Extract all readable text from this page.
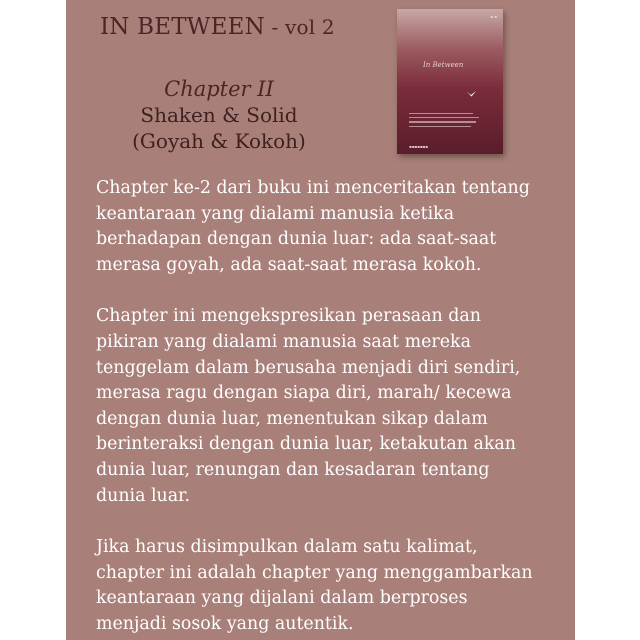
IN BETWEEN - vol 2
Chapter II
Shaken & Solid
(Goyah & Kokoh)
▪ ▪
In Between
▪▪▪▪▪▪▪
Chapter ke-2 dari buku ini menceritakan tentang
keantaraan yang dialami manusia ketika
berhadapan dengan dunia luar: ada saat-saat
merasa goyah, ada saat-saat merasa kokoh.
Chapter ini mengekspresikan perasaan dan
pikiran yang dialami manusia saat mereka
tenggelam dalam berusaha menjadi diri sendiri,
merasa ragu dengan siapa diri, marah/ kecewa
dengan dunia luar, menentukan sikap dalam
berinteraksi dengan dunia luar, ketakutan akan
dunia luar, renungan dan kesadaran tentang
dunia luar.
Jika harus disimpulkan dalam satu kalimat,
chapter ini adalah chapter yang menggambarkan
keantaraan yang dijalani dalam berproses
menjadi sosok yang autentik.
